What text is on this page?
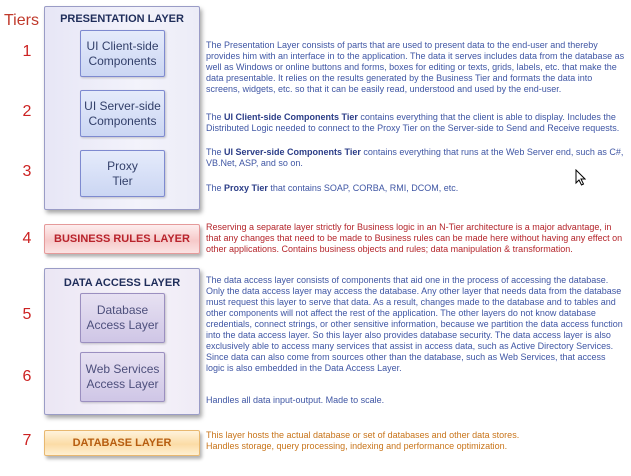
Tiers
1
2
3
4
5
6
7
PRESENTATION LAYER
UI Client-side
Components
UI Server-side
Components
Proxy
Tier
BUSINESS RULES LAYER
DATA ACCESS LAYER
Database
Access Layer
Web Services
Access Layer
DATABASE LAYER

The Presentation Layer consists of parts that are used to present data to the end-user and thereby provides him with an interface in to the application. The data it serves includes data from the database as well as Windows or online buttons and forms, boxes for editing or texts, grids, labels, etc. that make the data presentable. It relies on the results generated by the Business Tier and formats the data into screens, widgets, etc. so that it can be easily read, understood and used by the end-user.

The UI Client-side Components Tier contains everything that the client is able to display. Includes the Distributed Logic needed to connect to the Proxy Tier on the Server-side to Send and Receive requests.

The UI Server-side Components Tier contains everything that runs at the Web Server end, such as C#, VB.Net, ASP, and so on.

The Proxy Tier that contains SOAP, CORBA, RMI, DCOM, etc.

Reserving a separate layer strictly for Business logic in an N-Tier architecture is a major advantage, in that any changes that need to be made to Business rules can be made here without having any effect on other applications. Contains business objects and rules; data manipulation & transformation.

The data access layer consists of components that aid one in the process of accessing the database. Only the data access layer may access the database. Any other layer that needs data from the database must request this layer to serve that data. As a result, changes made to the database and to tables and other components will not affect the rest of the application. The other layers do not know database credentials, connect strings, or other sensitive information, because we partition the data access function into the data access layer. So this layer also provides database security. The data access layer is also exclusively able to access many services that assist in access data, such as Active Directory Services. Since data can also come from sources other than the database, such as Web Services, that access logic is also embedded in the Data Access Layer.

Handles all data input-output. Made to scale.

This layer hosts the actual database or set of databases and other data stores.

Handles storage, query processing, indexing and performance optimization.
